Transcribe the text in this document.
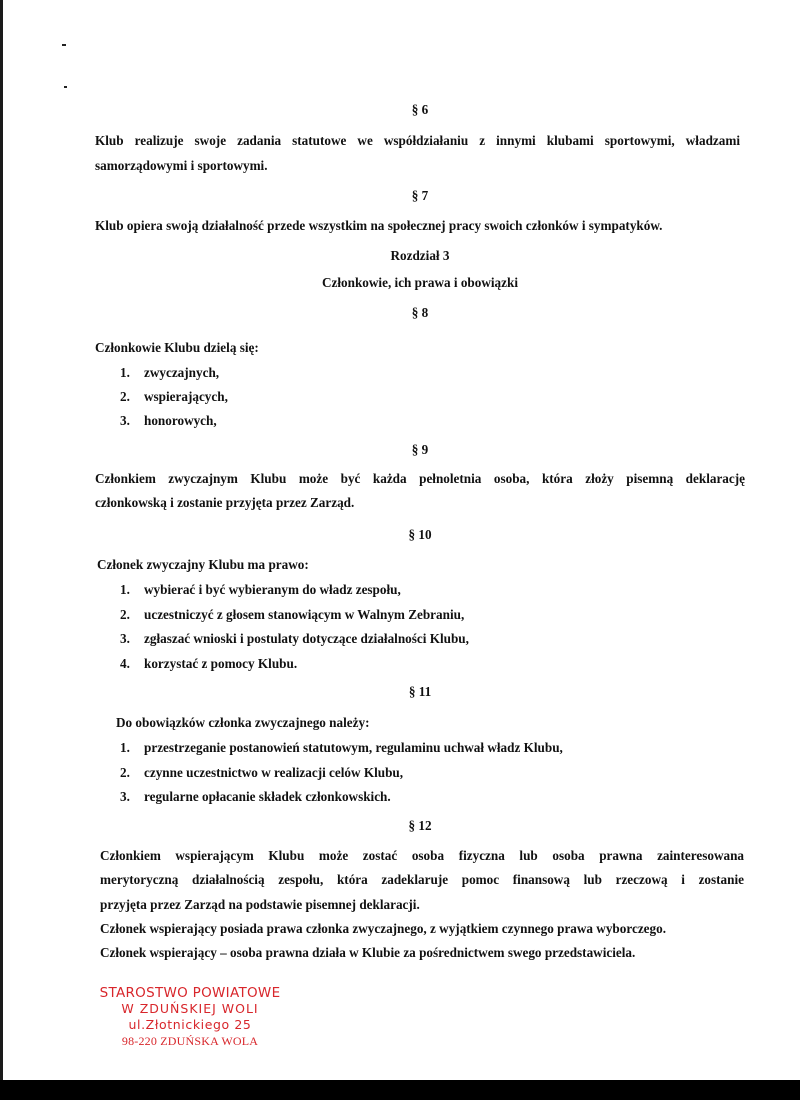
§ 6
Klub realizuje swoje zadania statutowe we współdziałaniu z innymi klubami sportowymi, władzami
samorządowymi i sportowymi.
§ 7
Klub opiera swoją działalność przede wszystkim na społecznej pracy swoich członków i sympatyków.
Rozdział 3
Członkowie, ich prawa i obowiązki
§ 8
Członkowie Klubu dzielą się:
1. zwyczajnych,
2. wspierających,
3. honorowych,
§ 9
Członkiem zwyczajnym Klubu może być każda pełnoletnia osoba, która złoży pisemną deklarację
członkowską i zostanie przyjęta przez Zarząd.
§ 10
Członek zwyczajny Klubu ma prawo:
1. wybierać i być wybieranym do władz zespołu,
2. uczestniczyć z głosem stanowiącym w Walnym Zebraniu,
3. zgłaszać wnioski i postulaty dotyczące działalności Klubu,
4. korzystać z pomocy Klubu.
§ 11
Do obowiązków członka zwyczajnego należy:
1. przestrzeganie postanowień statutowym, regulaminu uchwał władz Klubu,
2. czynne uczestnictwo w realizacji celów Klubu,
3. regularne opłacanie składek członkowskich.
§ 12
Członkiem wspierającym Klubu może zostać osoba fizyczna lub osoba prawna zainteresowana
merytoryczną działalnością zespołu, która zadeklaruje pomoc finansową lub rzeczową i zostanie
przyjęta przez Zarząd na podstawie pisemnej deklaracji.
Członek wspierający posiada prawa członka zwyczajnego, z wyjątkiem czynnego prawa wyborczego.
Członek wspierający – osoba prawna działa w Klubie za pośrednictwem swego przedstawiciela.
STAROSTWO POWIATOWE
W ZDUŃSKIEJ WOLI
ul.Złotnickiego 25
98-220 ZDUŃSKA WOLA
